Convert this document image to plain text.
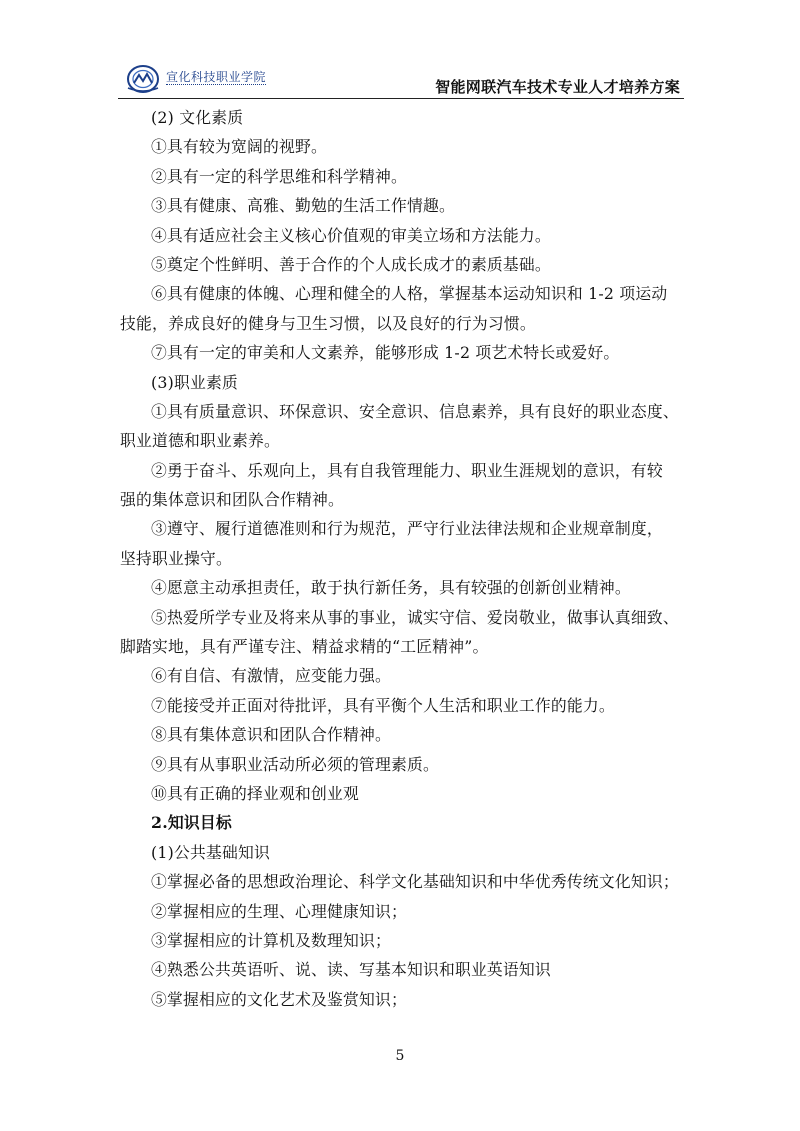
宣化科技职业学院
智能网联汽车技术专业人才培养方案
(2) 文化素质
①具有较为宽阔的视野。
②具有一定的科学思维和科学精神。
③具有健康、高雅、勤勉的生活工作情趣。
④具有适应社会主义核心价值观的审美立场和方法能力。
⑤奠定个性鲜明、善于合作的个人成长成才的素质基础。
⑥具有健康的体魄、心理和健全的人格，掌握基本运动知识和 1-2 项运动
技能，养成良好的健身与卫生习惯，以及良好的行为习惯。
⑦具有一定的审美和人文素养，能够形成 1-2 项艺术特长或爱好。
(3)职业素质
①具有质量意识、环保意识、安全意识、信息素养，具有良好的职业态度、
职业道德和职业素养。
②勇于奋斗、乐观向上，具有自我管理能力、职业生涯规划的意识，有较
强的集体意识和团队合作精神。
③遵守、履行道德准则和行为规范，严守行业法律法规和企业规章制度，
坚持职业操守。
④愿意主动承担责任，敢于执行新任务，具有较强的创新创业精神。
⑤热爱所学专业及将来从事的事业，诚实守信、爱岗敬业，做事认真细致、
脚踏实地，具有严谨专注、精益求精的“工匠精神”。
⑥有自信、有激情，应变能力强。
⑦能接受并正面对待批评，具有平衡个人生活和职业工作的能力。
⑧具有集体意识和团队合作精神。
⑨具有从事职业活动所必须的管理素质。
⑩具有正确的择业观和创业观
2.知识目标
(1)公共基础知识
①掌握必备的思想政治理论、科学文化基础知识和中华优秀传统文化知识；
②掌握相应的生理、心理健康知识；
③掌握相应的计算机及数理知识；
④熟悉公共英语听、说、读、写基本知识和职业英语知识
⑤掌握相应的文化艺术及鉴赏知识；
5
